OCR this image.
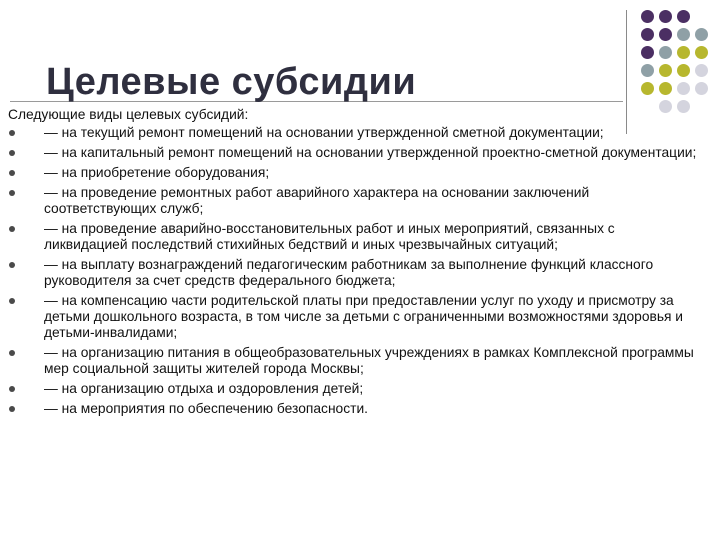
Целевые субсидии

Следующие виды целевых субсидий:

— на текущий ремонт помещений на основании утвержденной сметной документации;
— на капитальный ремонт помещений на основании утвержденной проектно-сметной документации;
— на приобретение оборудования;
— на проведение ремонтных работ аварийного характера на основании заключений соответствующих служб;
— на проведение аварийно-восстановительных работ и иных мероприятий, связанных с ликвидацией последствий стихийных бедствий и иных чрезвычайных ситуаций;
— на выплату вознаграждений педагогическим работникам за выполнение функций классного руководителя за счет средств федерального бюджета;
— на компенсацию части родительской платы при предоставлении услуг по уходу и присмотру за детьми дошкольного возраста, в том числе за детьми с ограниченными возможностями здоровья и детьми-инвалидами;
— на организацию питания в общеобразовательных учреждениях в рамках Комплексной программы мер социальной защиты жителей города Москвы;
— на организацию отдыха и оздоровления детей;
— на мероприятия по обеспечению безопасности.
